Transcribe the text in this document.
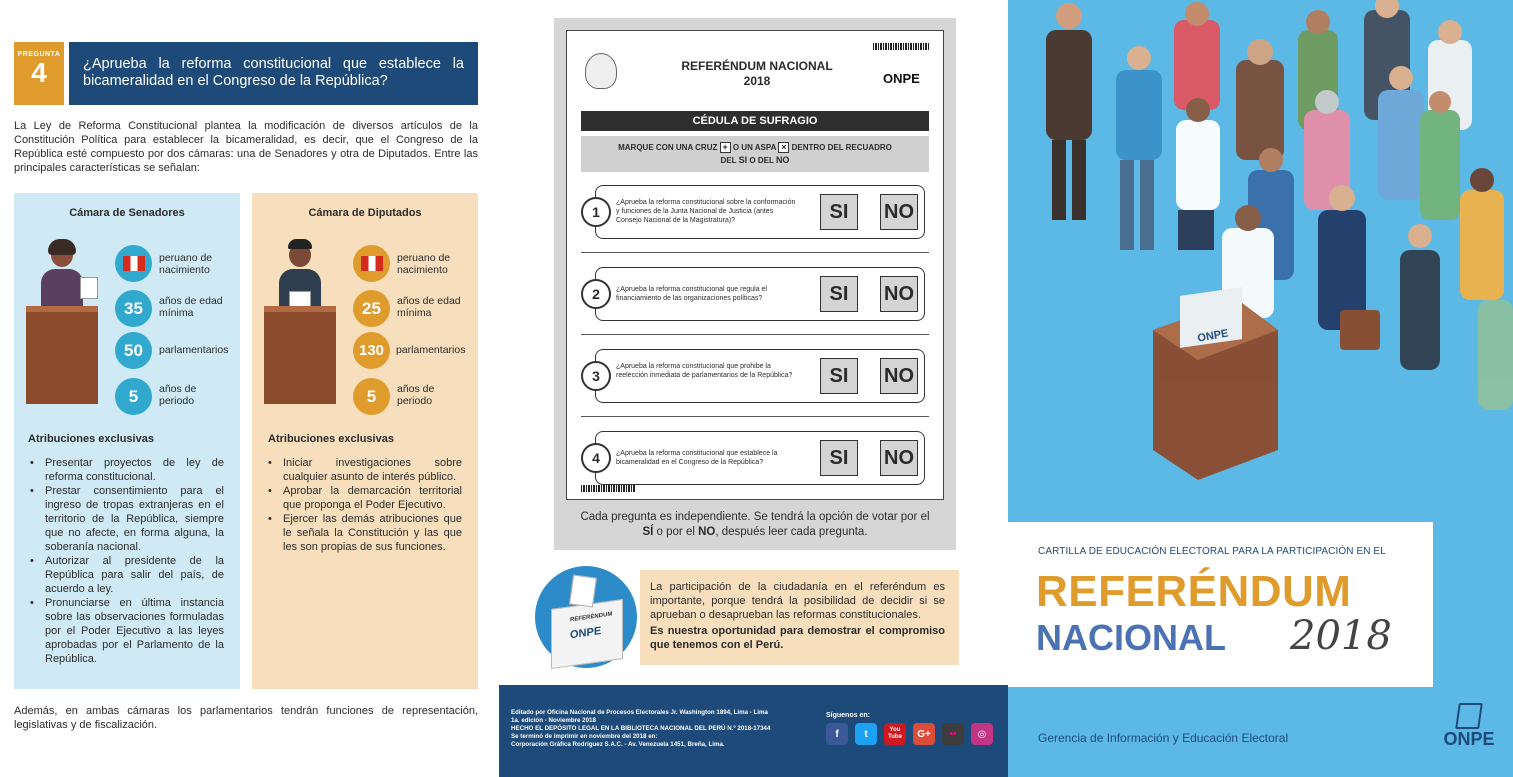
PREGUNTA
4	¿Aprueba la reforma constitucional que establece la bicameralidad en el Congreso de la República?
La Ley de Reforma Constitucional plantea la modificación de diversos artículos de la Constitución Política para establecer la bicameralidad, es decir, que el Congreso de la República esté compuesto por dos cámaras: una de Senadores y otra de Diputados. Entre las principales características se señalan:
Cámara de Senadores
peruano de nacimiento
35	años de edad mínima
50	parlamentarios
5	años de periodo
Atribuciones exclusivas
• Presentar proyectos de ley de reforma constitucional.
• Prestar consentimiento para el ingreso de tropas extranjeras en el territorio de la República, siempre que no afecte, en forma alguna, la soberanía nacional.
• Autorizar al presidente de la República para salir del país, de acuerdo a ley.
• Pronunciarse en última instancia sobre las observaciones formuladas por el Poder Ejecutivo a las leyes aprobadas por el Parlamento de la República.
Cámara de Diputados
peruano de nacimiento
25	años de edad mínima
130	parlamentarios
5	años de periodo
Atribuciones exclusivas
• Iniciar investigaciones sobre cualquier asunto de interés público.
• Aprobar la demarcación territorial que proponga el Poder Ejecutivo.
• Ejercer las demás atribuciones que le señala la Constitución y las que les son propias de sus funciones.
Además, en ambas cámaras los parlamentarios tendrán funciones de representación, legislativas y de fiscalización.
REFERÉNDUM NACIONAL
2018	ONPE
CÉDULA DE SUFRAGIO
MARQUE CON UNA CRUZ + O UN ASPA × DENTRO DEL RECUADRO
DEL SI O DEL NO
¿Aprueba la reforma constitucional sobre la conformación y funciones de la Junta Nacional de Justicia (antes Consejo Nacional de la Magistratura)?	SI	NO
1
¿Aprueba la reforma constitucional que regula el financiamiento de las organizaciones políticas?	SI	NO
2
¿Aprueba la reforma constitucional que prohibe la reelección inmediata de parlamentarios de la República?	SI	NO
3
¿Aprueba la reforma constitucional que establece la bicameralidad en el Congreso de la República?	SI	NO
4
Cada pregunta es independiente. Se tendrá la opción de votar por el
SÍ o por el NO, después leer cada pregunta.
La participación de la ciudadanía en el referéndum es importante, porque tendrá la posibilidad de decidir si se aprueban o desaprueban las reformas constitucionales.
Es nuestra oportunidad para demostrar el compromiso que tenemos con el Perú.
REFERÉNDUM
ONPE
Editado por Oficina Nacional de Procesos Electorales Jr. Washington 1894, Lima - Lima
1a. edición - Noviembre 2018
HECHO EL DEPÓSITO LEGAL EN LA BIBLIOTECA NACIONAL DEL PERÚ N.º 2018-17344
Se terminó de imprimir en noviembre del 2018 en:
Corporación Gráfica Rodríguez S.A.C. - Av. Venezuela 1451, Breña, Lima.
Síguenos en:
f	t	You Tube	G+	••	◎
ONPE
CARTILLA DE EDUCACIÓN ELECTORAL PARA LA PARTICIPACIÓN EN EL
REFERÉNDUM
NACIONAL 2018
Gerencia de Información y Educación Electoral	ONPE
